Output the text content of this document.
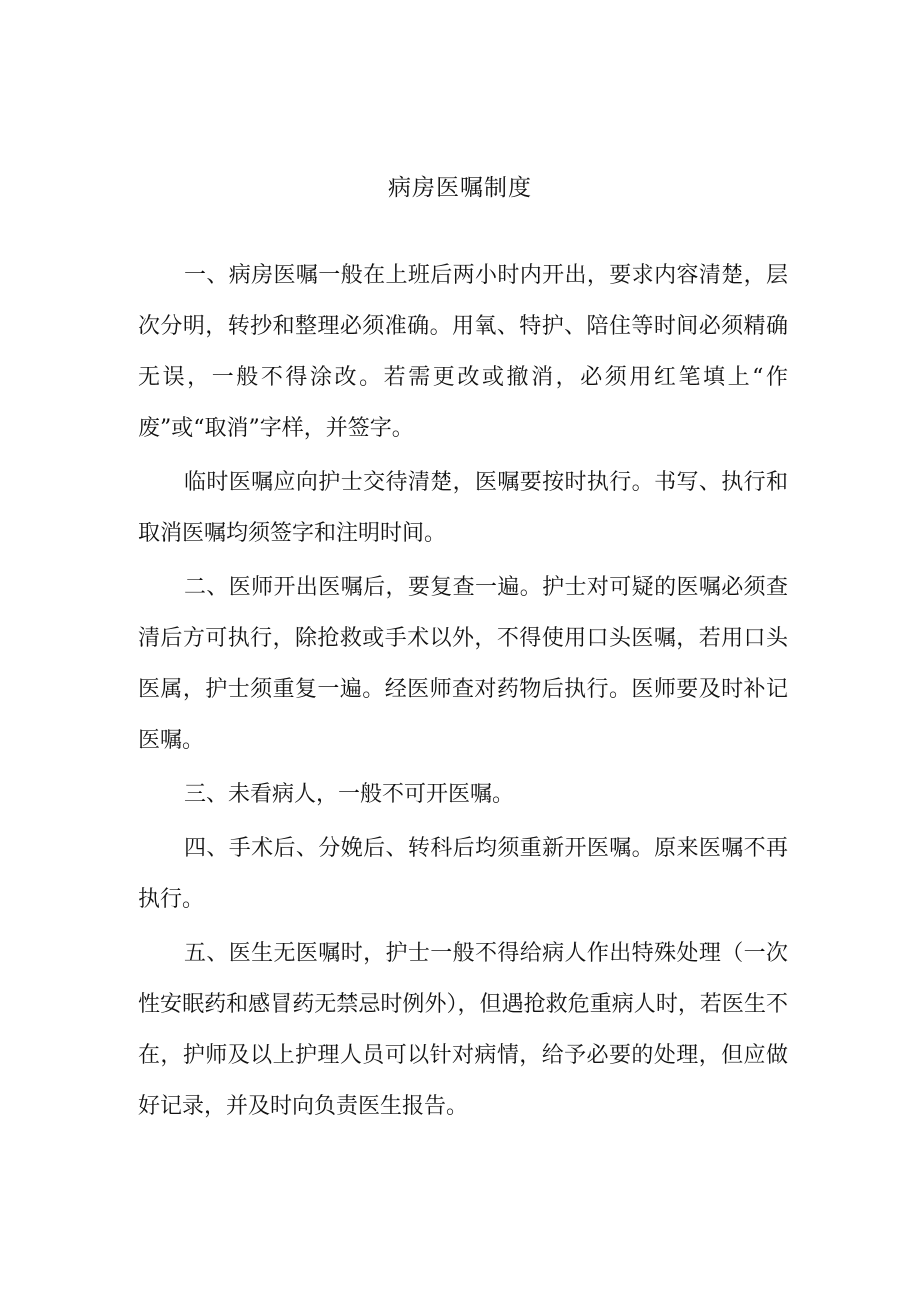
病房医嘱制度

一、病房医嘱一般在上班后两小时内开出，要求内容清楚，层次分明，转抄和整理必须准确。用氧、特护、陪住等时间必须精确无误，一般不得涂改。若需更改或撤消，必须用红笔填上“作废”或“取消”字样，并签字。

临时医嘱应向护士交待清楚，医嘱要按时执行。书写、执行和取消医嘱均须签字和注明时间。

二、医师开出医嘱后，要复查一遍。护士对可疑的医嘱必须查清后方可执行，除抢救或手术以外，不得使用口头医嘱，若用口头医属，护士须重复一遍。经医师查对药物后执行。医师要及时补记医嘱。

三、未看病人，一般不可开医嘱。

四、手术后、分娩后、转科后均须重新开医嘱。原来医嘱不再执行。

五、医生无医嘱时，护士一般不得给病人作出特殊处理（一次性安眠药和感冒药无禁忌时例外），但遇抢救危重病人时，若医生不在，护师及以上护理人员可以针对病情，给予必要的处理，但应做好记录，并及时向负责医生报告。
